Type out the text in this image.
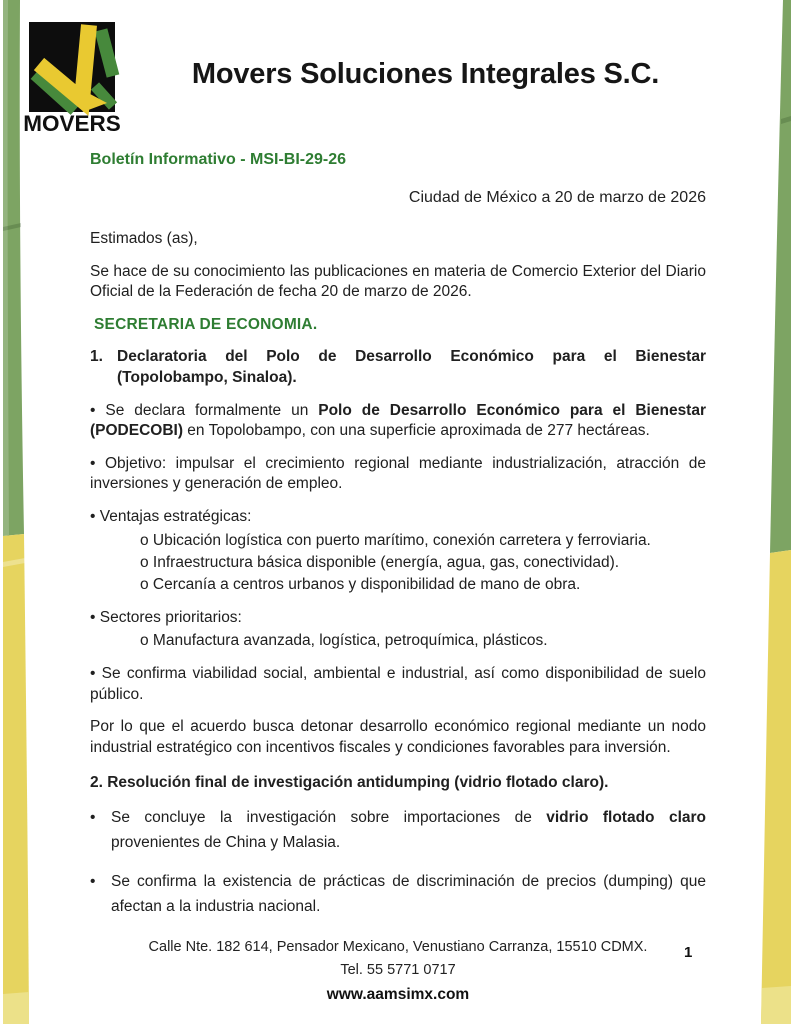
MOVERS
Movers Soluciones Integrales S.C.
Boletín Informativo - MSI-BI-29-26
Ciudad de México a 20 de marzo de 2026

Estimados (as),

Se hace de su conocimiento las publicaciones en materia de Comercio Exterior del Diario Oficial de la Federación de fecha 20 de marzo de 2026.

SECRETARIA DE ECONOMIA.

1. Declaratoria del Polo de Desarrollo Económico para el Bienestar (Topolobampo, Sinaloa).

• Se declara formalmente un Polo de Desarrollo Económico para el Bienestar (PODECOBI) en Topolobampo, con una superficie aproximada de 277 hectáreas.

• Objetivo: impulsar el crecimiento regional mediante industrialización, atracción de inversiones y generación de empleo.

• Ventajas estratégicas:

o Ubicación logística con puerto marítimo, conexión carretera y ferroviaria.
o Infraestructura básica disponible (energía, agua, gas, conectividad).
o Cercanía a centros urbanos y disponibilidad de mano de obra.

• Sectores prioritarios:

o Manufactura avanzada, logística, petroquímica, plásticos.

• Se confirma viabilidad social, ambiental e industrial, así como disponibilidad de suelo público.

Por lo que el acuerdo busca detonar desarrollo económico regional mediante un nodo industrial estratégico con incentivos fiscales y condiciones favorables para inversión.

2. Resolución final de investigación antidumping (vidrio flotado claro).

•	Se concluye la investigación sobre importaciones de vidrio flotado claro provenientes de China y Malasia.
•	Se confirma la existencia de prácticas de discriminación de precios (dumping) que afectan a la industria nacional.
Calle Nte. 182 614, Pensador Mexicano, Venustiano Carranza, 15510 CDMX.
Tel. 55 5771 0717
www.aamsimx.com
1
